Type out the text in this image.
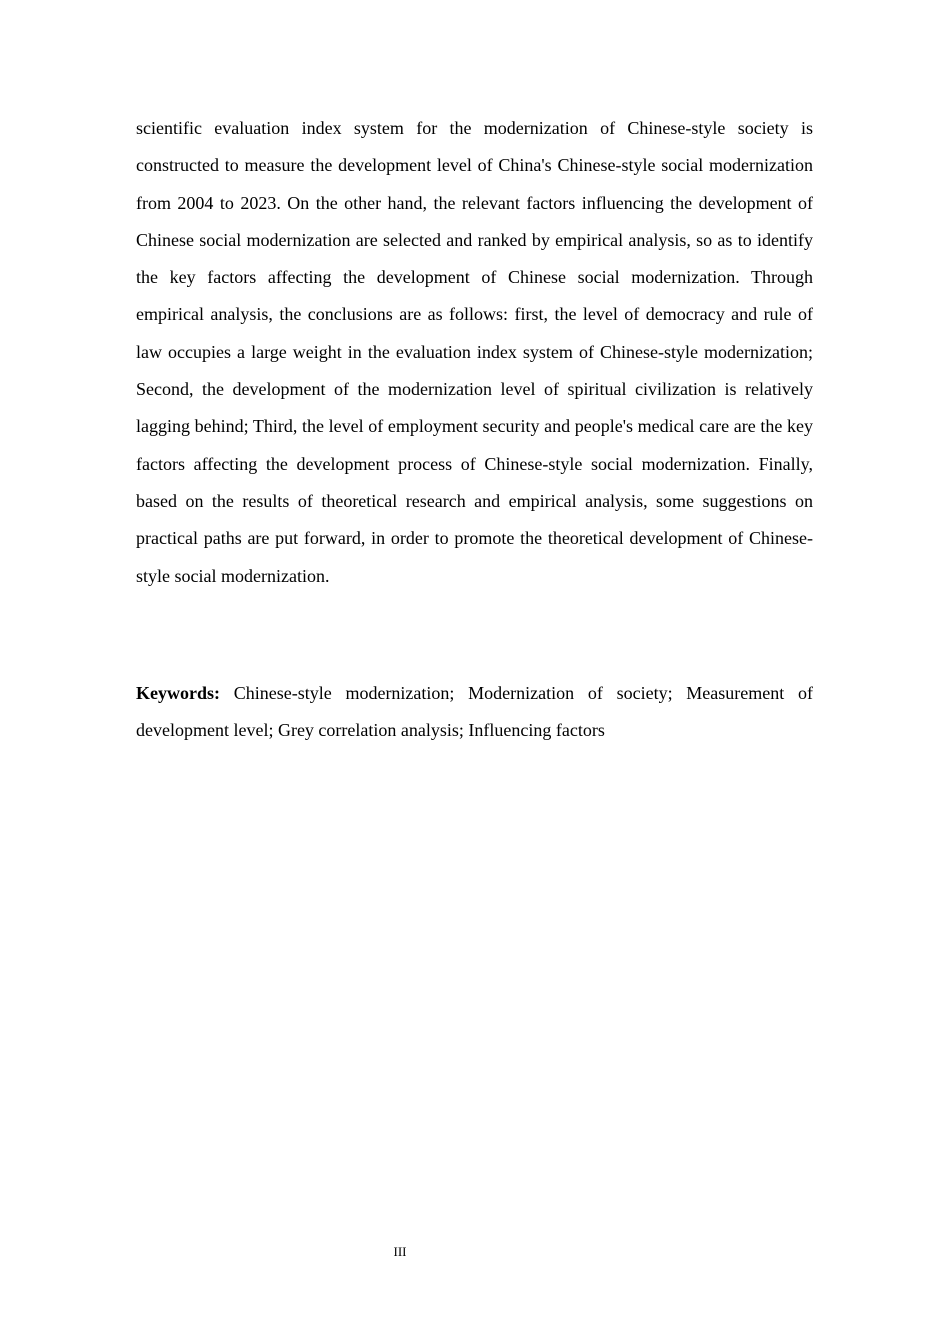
scientific evaluation index system for the modernization of Chinese-style society is constructed to measure the development level of China's Chinese-style social modernization from 2004 to 2023. On the other hand, the relevant factors influencing the development of Chinese social modernization are selected and ranked by empirical analysis, so as to identify the key factors affecting the development of Chinese social modernization. Through empirical analysis, the conclusions are as follows: first, the level of democracy and rule of law occupies a large weight in the evaluation index system of Chinese-style modernization; Second, the development of the modernization level of spiritual civilization is relatively lagging behind; Third, the level of employment security and people's medical care are the key factors affecting the development process of Chinese-style social modernization. Finally, based on the results of theoretical research and empirical analysis, some suggestions on practical paths are put forward, in order to promote the theoretical development of Chinese-style social modernization.

Keywords: Chinese-style modernization; Modernization of society; Measurement of development level; Grey correlation analysis; Influencing factors

III
